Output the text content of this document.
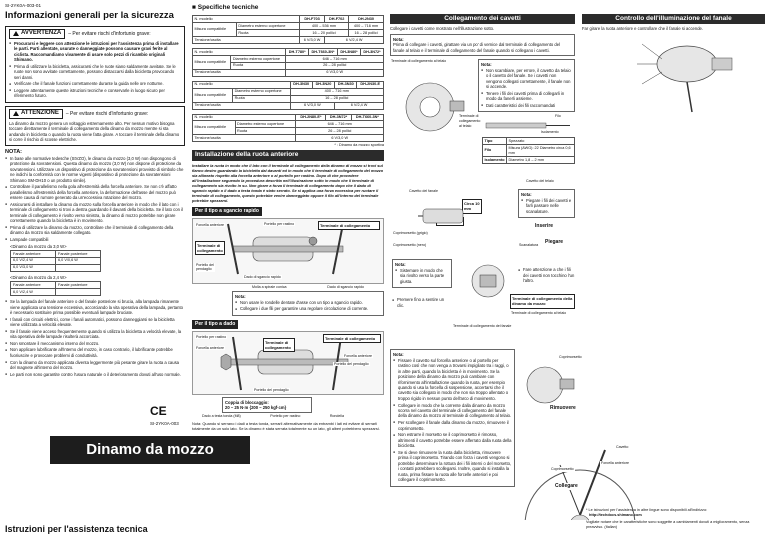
SI-2YK0A-003-01
Informazioni generali per la sicurezza
AVVERTENZA – Per evitare rischi d'infortunio grave:
● Procurarsi e leggere con attenzione le istruzioni per l'assistenza prima di installare le parti. Parti allentate, usurate o danneggiate possono causare gravi ferite al ciclista. Raccomandiamo vivamente di usare solo pezzi di ricambio originali Shimano.
● Prima di utilizzare la bicicletta, assicurarsi che le ruote siano saldamente avvitate. Se le ruote non sono avvitate correttamente, possono distaccarsi dalla bicicletta provocando seri danni.
● Verificare che il fanale funzioni correttamente durante la guida nelle ore notturne.
● Leggere attentamente queste istruzioni tecniche e conservarle in luogo sicuro per riferimento futuro.
ATTENZIONE – Per evitare rischi d'infortunio grave:
La dinamo da mozzo genera un voltaggio estremamente alto. Per nessun motivo bisogna toccare direttamente il terminale di collegamento della dinamo da mozzo mentre si sta andando in bicicletta o quando la ruota viene fatta girare. A toccare il terminale della dinamo si corre il rischio di scosse elettriche.
NOTA:
● In base alle normative tedesche (StVZO), le dinamo da mozzo (3,0 W) non dispongono di protezione da sovratensioni. Questa dinamo da mozzo (3,0 W) non dispone di protezione da sovratensioni. Utilizzare un dispositivo di protezione da sovratensioni provvisto di simbolo che ne indichi la conformità con le norme vigenti (dispositivo di protezione da sovratensioni Shimano SM-DH10 o un prodotto simile).
● Controllare il parallelismo nella gola all'estremità della forcella anteriore. Se non c'è affatto parallelismo all'estremità della forcella anteriore, la deformazione dell'asse del mozzo può essere causa di rumore generato da un'eccessiva rotazione del mozzo.
● Assicurarsi di installare la dinamo da mozzo sulla forcella anteriore in modo che il lato con i terminale di collegamento si trovi a destra guardando il davanti della bicicletta. Se il lato con il terminale di collegamento è rivolto verso sinistra, la dinamo di mozzo potrebbe non girare correttamente quando la bicicletta è in movimento.
● Prima di utilizzare la dinamo da mozzo, controllare che il terminale di collegamento della dinamo da mozzo sia saldamente collegato.
● Lampade compatibili
<Dinamo da mozzo da 3,0 W>
Fanale anteriore	Fanale posteriore
6,0 V/2,4 W	6,0 V/0,6 W
6,0 V/3,0 W	
<Dinamo da mozzo da 2,4 W>
Fanale anteriore	Fanale posteriore
6,0 V/2,4 W	
● Se la lampada del fanale anteriore o del fanale posteriore si brucia, alla lampada rimanente viene applicata una tensione eccessiva, accorciando la vita operativa della lampada, pertanto è necessario sostituire prima possibile eventuali lampade bruciate.
● I fanali con circuiti elettrici, come i fanali automatici, possono danneggiarsi se la bicicletta viene utilizzata a velocità elevate.
● Se il fanale viene acceso frequentemente quando si utilizza la bicicletta a velocità elevate, la vita operativa delle lampade risulterà accorciata.
● Non smontare il meccanismo interno del mozzo.
● Non applicare lubrificante all'interno del mozzo, in caso contrario, il lubrificante potrebbe fuoriuscire e provocare problemi di conduttività.
● Con la dinamo da mozzo applicata diventa leggermente più pesante girare la ruota a causa del magnete all'interno del mozzo.
● Le parti non sono garantite contro l'usura naturale o il deterioramento dovuti all'uso normale.
CE
SI-2YK0A-003
Dinamo da mozzo
Istruzioni per l'assistenza tecnica
■ Specifiche tecniche
N. modello		DH-F703	DH-F702	DH-2N30
Misura compatibile	Diametro esterno copertone	400 – 536 mm		400 – 716 mm
	Ruota	16 – 20 pollici		16 – 28 pollici
Tensione/uscita		6 V/3,0 W	6 V/2,4 W	
N. modello		DH-T780*	DH-T660-3N*	DH-3N80*	DH-3N72*
Misura compatibile	Diametro esterno copertone	646 – 716 mm			
	Ruota	26 – 28 pollici			
Tensione/uscita		6 V/3,0 W			
N. modello		DH-3N30	DH-3N20	DH-3N30	DH-2N30-E
Misura compatibile	Diametro esterno copertone	400 – 716 mm			
	Ruota	16 – 28 pollici			
Tensione/uscita		6 V/3,0 W		6 V/2,4 W	
N. modello		DH-2N80-E*	DH-3N72*	DH-T660-3N*
Misura compatibile	Diametro esterno copertone	646 – 716 mm		
	Ruota	26 – 28 pollici		
Tensione/uscita		6 V/3,0 W		
* : Dinamo da mozzo sportiva
Installazione della ruota anteriore
Installare la ruota in modo che il lato con il terminale di collegamento della dinamo di mozzo si trovi sul fianco destro guardando la bicicletta dal davanti ed in modo che il terminale di collegamento del mozzo sia allineato rispetto alla forcella anteriore o al portello per rastino. Dopo di che procedere all'installazione seguendo la procedura descritta nell'illustrazione sotto in modo che il terminale di collegamento sia rivolto in su. Non girare a forza il terminale di collegamento dopo che il dado di sgancio rapido o il dado a testa tonda è stato serrato. Se si applica una forza eccessiva per ruotare il terminale di collegamento, questo potrebbe venire danneggiato oppure il filo all'interno del terminale potrebbe spezzarsi.
Per il tipo a sgancio rapido
Forcella anteriore
Terminale di collegamento
Portello per rastino
Portello del pendaglio
Dado di sgancio rapido
Terminale di collegamento
Molla a spirale conica	Dado di sgancio rapido
Nota:
● Non usare le rondelle dentate d'asse con un tipo a sgancio rapido.
● Collegare i due fili per garantire una regolare circolazione di corrente.
Per il tipo a dado
Portello per rastino
Terminale di collegamento
Terminale di collegamento
Forcella anteriore
Forcella anteriore
Portello del pendaglio
Portello del pendaglio
Coppia di bloccaggio:
20 – 25 N·m {200 – 250 kgf·cm}
Dado a testa tonda (M8)	Portello per rastino	Rondella
Nota: Quando si serrano i dadi a testa tonda, serrarli alternativamente da entrambi i lati ed evitare di serrarli totalmente da un solo lato. Se la dinamo è stata serrata totalmente su un lato, gli alberi potrebbero spezzarsi.
Collegamento dei cavetti
Collegare i cavetti come mostrato nell'illustrazione sotto.
Nota:
Prima di collegare i cavetti, girattare via un po' di vernice dal terminale di collegamento del fanale al telaio e il terminale di collegamento del fanale quando si collegano i cavetti.
Terminale di collegamento al telaio
Nota:
● Non scambiare, per errore, il cavetto da telaio o il cavetto del fanale. Se i cavetti non vengono collegati correttamente, il fanale non si accende.
● Tenere i fili dei cavetti prima di collegarli in modo da fanerli assieme.
● Dati caratteristici dei fili raccomandati
Terminale di collegamento al telaio
Filo
Isolamento
Tipo	Spezzato
Filo	Misura (AWG): 22 Diametro circa 0,6 mm
Isolamento	Diametro 1,8 – 2 mm
Cavetto del telaio
Cavetto del fanale
Circa 10 mm
Coprimorsetto (grigio)
Coprimorsetto (nero)
Nota:
● Piegare i fili dei cavetti e farli passare nelle scanalature.
Inserire
Piegare
Scanalatura
Nota:
● Sistemare in modo che sia rivolto verso la parte giusta.
● Premere fino a sentire un clic.
● Fare attenzione a che i fili dei cavetti non tocchino l'un l'altro.
Terminale di collegamento della dinamo da mozzo
Terminale di collegamento al telaio
Terminale di collegamento del fanale
Nota:
● Fissare il cavetto sul forcella anteriore o al portello per rastino così che non venga a trovarsi impigliato tra i raggi, o in altre parti, quando la bicicletta è in movimento. Se la posizione della dinamo da mozzo può cambiare con rifornimento all'installazione quando la ruota, per esempio quando si usa la forcella di sospensione, accertarsi che il cavetto sia collegato in modo che non sia troppo allentato o troppo rigido in nessun punto dell'arco di movimento.
● Collegare in modo che la corrente dalla dinamo da mozzo scorra nel cavetto del terminale di collegamento del fanale della dinamo da mozzo al terminale di collegamento al telaio.
● Per scollegare il fanale dalla dinamo da mozzo, rimuovere il coprimorsetto.
● Non estrarre il morsetto se il coprimorsetto è rimosso, altrimenti il cavetto potrebbe essere afferrato dalla ruota della bicicletta.
● Se si deve rimuovere la ruota dalla bicicletta, rimuovere prima il coprimorsetto. Tirando con forza i cavetti vengono si potrebbe determinare la rottura dei i fili interni o del morsetto, i contatti potrebbero scollegarsi. Inoltre, quando si installa la ruota, prima fissare la ruota alle forcelle anteriori e poi collegare il coprimorsetto.
Coprimorsetto
Rimuovere
Coprimorsetto
Collegare
Cavetto
Forcella anteriore
Controllo dell'illuminazione del fanale
Far girare la ruota anteriore e controllare che il fanale si accende.
* Le istruzioni per l'assistenza in altre lingue sono disponibili all'indirizzo:
http://techdocs.shimano.com
Vogliate notare che le caratteristiche sono soggette a cambiamenti dovuti a miglioramento, senza preavviso. (Italian)
